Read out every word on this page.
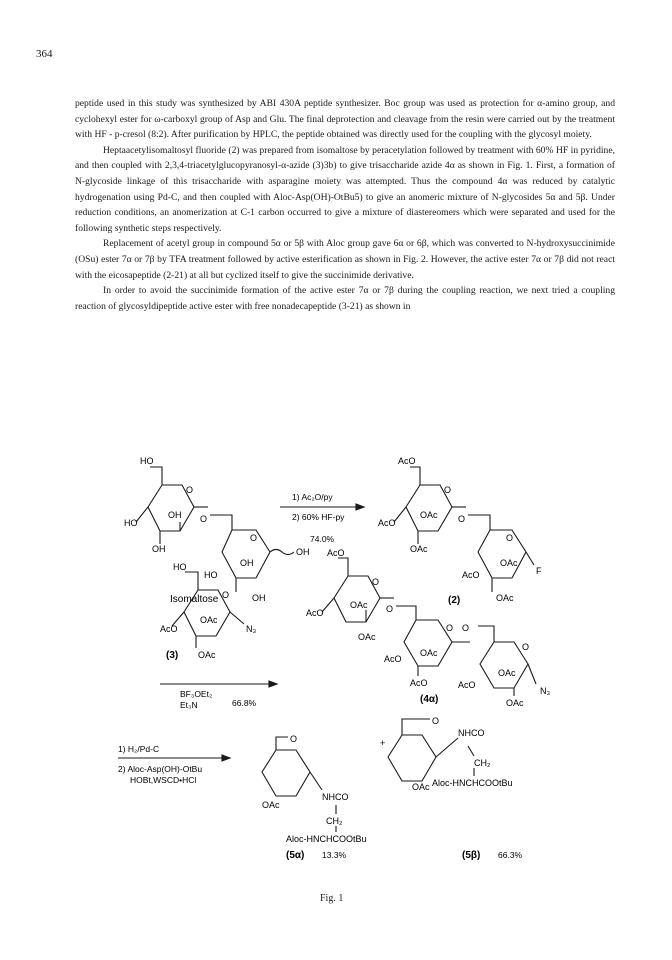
364

peptide used in this study was synthesized by ABI 430A peptide synthesizer. Boc group was used as protection for α-amino group, and cyclohexyl ester for ω-carboxyl group of Asp and Glu. The final deprotection and cleavage from the resin were carried out by the treatment with HF - p-cresol (8:2). After purification by HPLC, the peptide obtained was directly used for the coupling with the glycosyl moiety.

Heptaacetylisomaltosyl fluoride (2) was prepared from isomaltose by peracetylation followed by treatment with 60% HF in pyridine, and then coupled with 2,3,4-triacetylglucopyranosyl-α-azide (3)3b) to give trisaccharide azide 4α as shown in Fig. 1. First, a formation of N-glycoside linkage of this trisaccharide with asparagine moiety was attempted. Thus the compound 4α was reduced by catalytic hydrogenation using Pd-C, and then coupled with Aloc-Asp(OH)-OtBu5) to give an anomeric mixture of N-glycosides 5α and 5β. Under reduction conditions, an anomerization at C-1 carbon occurred to give a mixture of diastereomers which were separated and used for the following synthetic steps respectively.

Replacement of acetyl group in compound 5α or 5β with Aloc group gave 6α or 6β, which was converted to N-hydroxysuccinimide (OSu) ester 7α or 7β by TFA treatment followed by active esterification as shown in Fig. 2. However, the active ester 7α or 7β did not react with the eicosapeptide (2-21) at all but cyclized itself to give the succinimide derivative.

In order to avoid the succinimide formation of the active ester 7α or 7β during the coupling reaction, we next tried a coupling reaction of glycosyldipeptide active ester with free nonadecapeptide (3-21) as shown in

HO
O
OH
HO
OH
O
O
OH
OH
HO
OH
Isomaltose
1) Ac₂O/py
2) 60% HF-py
74.0%
AcO
O
OAc
AcO	O
OAc
O
OAc
AcO	F
OAc
(2)
HO
O
OAc
AcO	N₃
OAc
(3)
BF₃OEt₂
Et₃N	66.8%
AcO
O
OAc
AcO	O
OAc
O O
OAc
AcO
O
OAc
AcO	AcO
N₃
OAc
(4α)
1) H₂/Pd-C
2) Aloc-Asp(OH)-OtBu
HOBt,WSCD•HCl
O
NHCO
OAc
CH₂
Aloc-HNCHCOOtBu
(5α) 13.3%
+
O
NHCO
CH₂
OAc Aloc-HNCHCOOtBu
(5β) 66.3%
Fig. 1
